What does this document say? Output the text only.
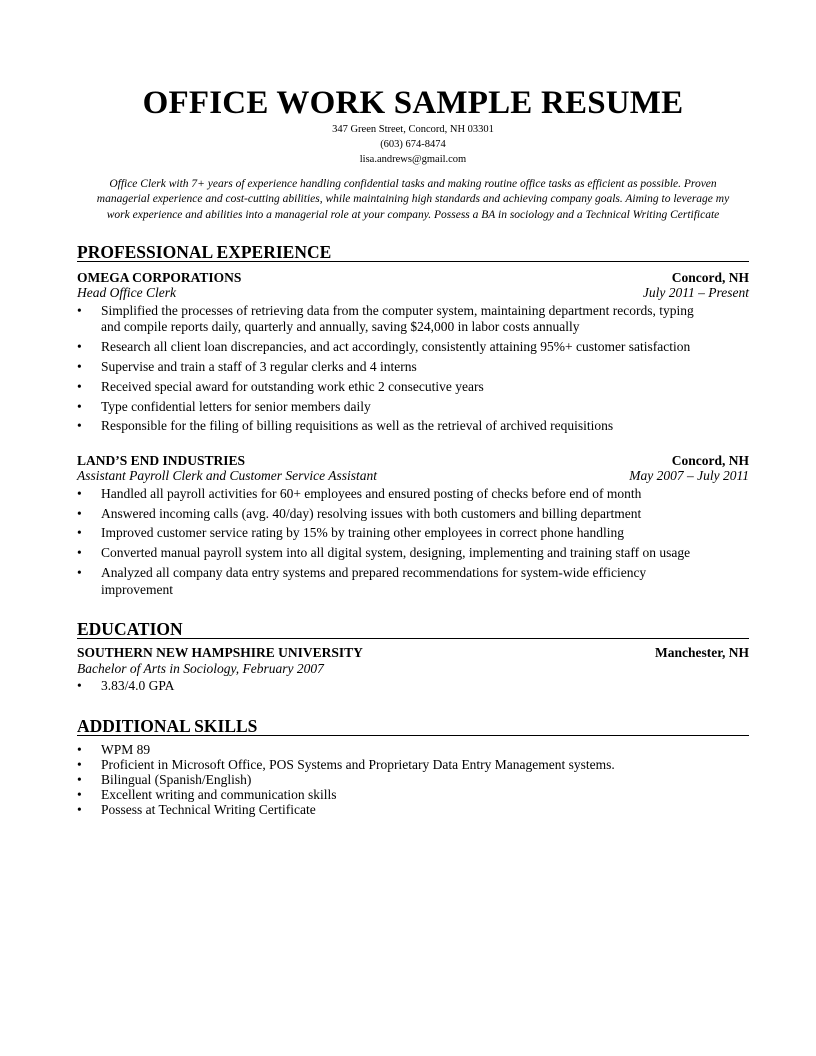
OFFICE WORK SAMPLE RESUME
347 Green Street, Concord, NH 03301
(603) 674-8474
lisa.andrews@gmail.com
Office Clerk with 7+ years of experience handling confidential tasks and making routine office tasks as efficient as possible. Proven managerial experience and cost-cutting abilities, while maintaining high standards and achieving company goals. Aiming to leverage my work experience and abilities into a managerial role at your company. Possess a BA in sociology and a Technical Writing Certificate
PROFESSIONAL EXPERIENCE
OMEGA CORPORATIONS	Concord, NH
Head Office Clerk	July 2011 – Present
• Simplified the processes of retrieving data from the computer system, maintaining department records, typing and compile reports daily, quarterly and annually, saving $24,000 in labor costs annually
• Research all client loan discrepancies, and act accordingly, consistently attaining 95%+ customer satisfaction
• Supervise and train a staff of 3 regular clerks and 4 interns
• Received special award for outstanding work ethic 2 consecutive years
• Type confidential letters for senior members daily
• Responsible for the filing of billing requisitions as well as the retrieval of archived requisitions
LAND’S END INDUSTRIES	Concord, NH
Assistant Payroll Clerk and Customer Service Assistant	May 2007 – July 2011
• Handled all payroll activities for 60+ employees and ensured posting of checks before end of month
• Answered incoming calls (avg. 40/day) resolving issues with both customers and billing department
• Improved customer service rating by 15% by training other employees in correct phone handling
• Converted manual payroll system into all digital system, designing, implementing and training staff on usage
• Analyzed all company data entry systems and prepared recommendations for system-wide efficiency improvement
EDUCATION
SOUTHERN NEW HAMPSHIRE UNIVERSITY	Manchester, NH
Bachelor of Arts in Sociology, February 2007
• 3.83/4.0 GPA
ADDITIONAL SKILLS
• WPM 89
• Proficient in Microsoft Office, POS Systems and Proprietary Data Entry Management systems.
• Bilingual (Spanish/English)
• Excellent writing and communication skills
• Possess at Technical Writing Certificate
